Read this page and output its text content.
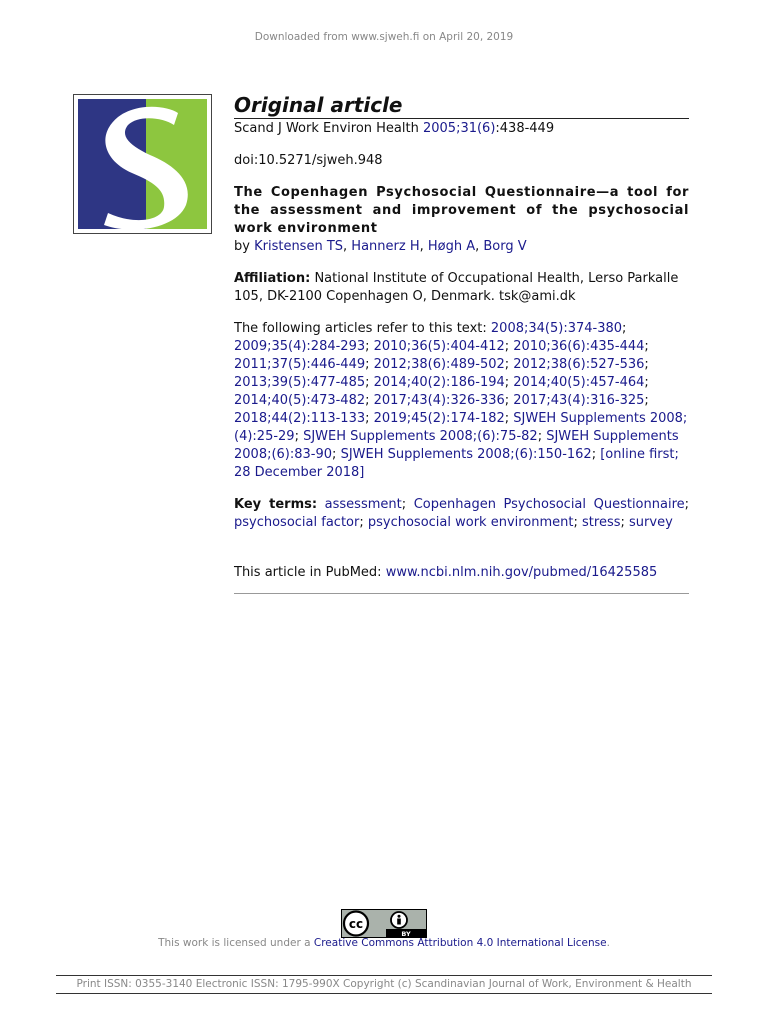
Downloaded from www.sjweh.fi on April 20, 2019
Original article
Scand J Work Environ Health 2005;31(6):438-449
doi:10.5271/sjweh.948
The Copenhagen Psychosocial Questionnaire—a tool for the assessment and improvement of the psychosocial work environment
by Kristensen TS, Hannerz H, Høgh A, Borg V
Affiliation: National Institute of Occupational Health, Lerso Parkalle 105, DK-2100 Copenhagen O, Denmark. tsk@ami.dk
The following articles refer to this text: 2008;34(5):374-380; 2009;35(4):284-293; 2010;36(5):404-412; 2010;36(6):435-444; 2011;37(5):446-449; 2012;38(6):489-502; 2012;38(6):527-536; 2013;39(5):477-485; 2014;40(2):186-194; 2014;40(5):457-464; 2014;40(5):473-482; 2017;43(4):326-336; 2017;43(4):316-325; 2018;44(2):113-133; 2019;45(2):174-182; SJWEH Supplements 2008;(4):25-29; SJWEH Supplements 2008;(6):75-82; SJWEH Supplements 2008;(6):83-90; SJWEH Supplements 2008;(6):150-162; [online first; 28 December 2018]
Key terms: assessment; Copenhagen Psychosocial Questionnaire; psychosocial factor; psychosocial work environment; stress; survey
This article in PubMed: www.ncbi.nlm.nih.gov/pubmed/16425585
cc
BY
This work is licensed under a Creative Commons Attribution 4.0 International License.
Print ISSN: 0355-3140 Electronic ISSN: 1795-990X Copyright (c) Scandinavian Journal of Work, Environment & Health
